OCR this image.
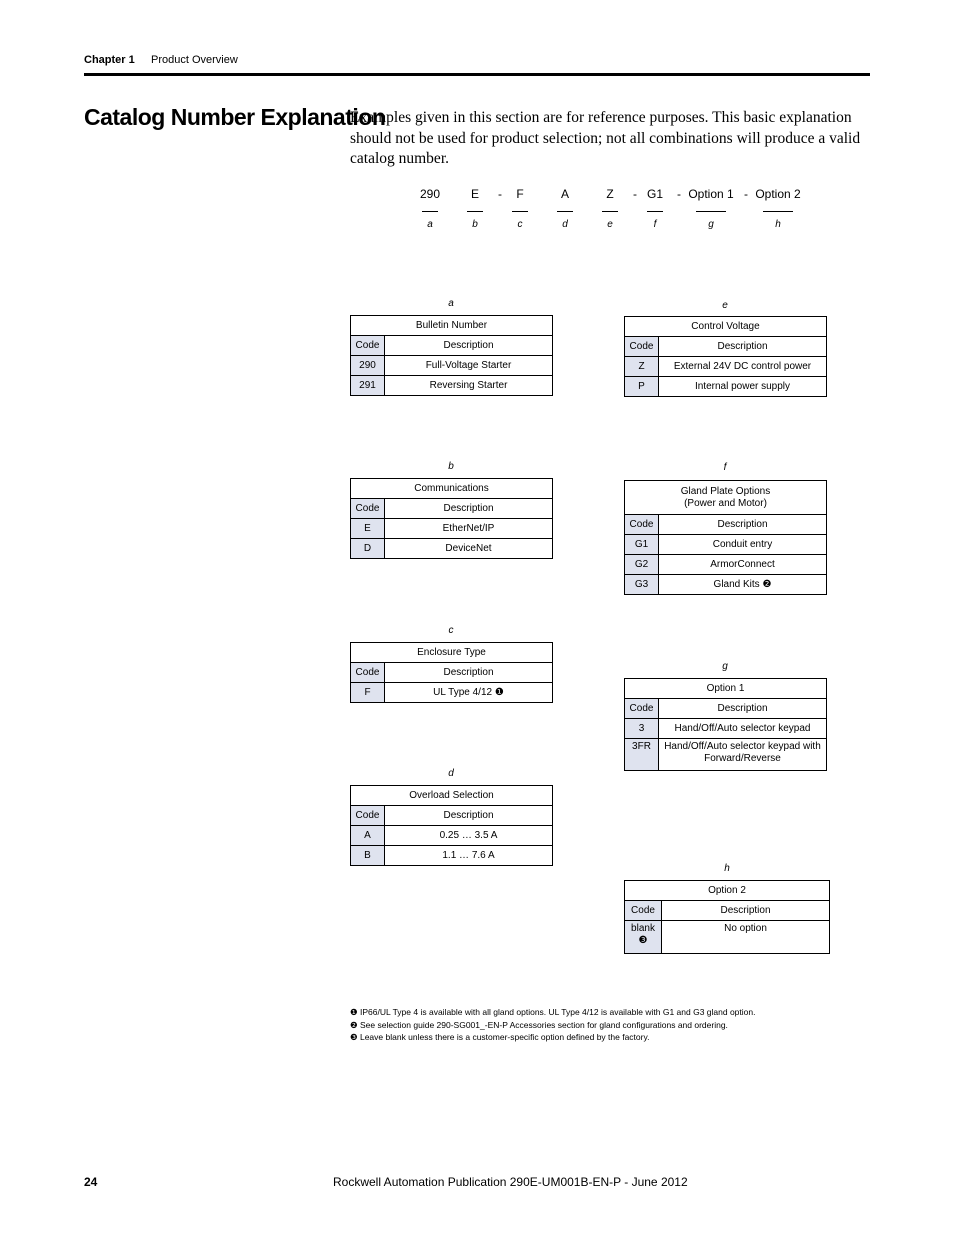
Chapter 1 Product Overview
Catalog Number Explanation
Examples given in this section are for reference purposes. This basic explanation should not be used for product selection; not all combinations will produce a valid catalog number.
290	E	-	F	A	Z	- G1	- Option 1 - Option 2
a	b	c	d	e	f	g	h
a
Bulletin Number	
Code	Description
290	Full-Voltage Starter
291	Reversing Starter
b
Communications	
Code	Description
E	EtherNet/IP
D	DeviceNet
c
Enclosure Type	
Code	Description
F	UL Type 4/12 ❶
d
Overload Selection	
Code	Description
A	0.25 … 3.5 A
B	1.1 … 7.6 A
e
Control Voltage	
Code	Description
Z	External 24V DC control power
P	Internal power supply
f
Gland Plate Options
(Power and Motor)	
Code	Description
G1	Conduit entry
G2	ArmorConnect
G3	Gland Kits ❷
g
Option 1	
Code	Description
3	Hand/Off/Auto selector keypad
3FR	Hand/Off/Auto selector keypad with
Forward/Reverse
h
Option 2	
Code	Description
blank
❸	No option
❶ IP66/UL Type 4 is available with all gland options. UL Type 4/12 is available with G1 and G3 gland option.
❷ See selection guide 290-SG001_-EN-P Accessories section for gland configurations and ordering.
❸ Leave blank unless there is a customer-specific option defined by the factory.
24	Rockwell Automation Publication 290E-UM001B-EN-P - June 2012
